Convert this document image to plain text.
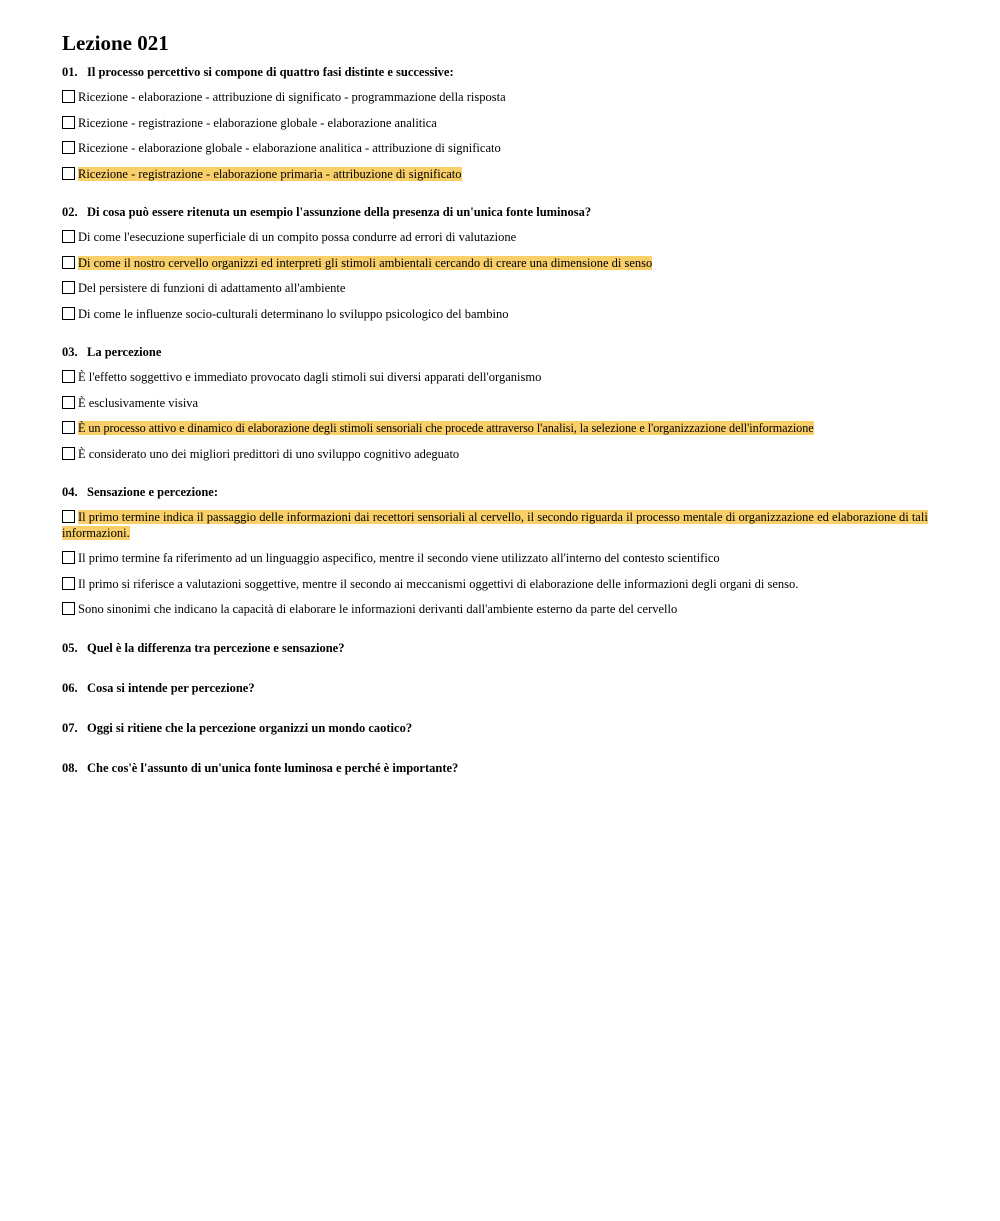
Lezione 021
01. Il processo percettivo si compone di quattro fasi distinte e successive:
Ricezione - elaborazione - attribuzione di significato - programmazione della risposta
Ricezione - registrazione - elaborazione globale - elaborazione analitica
Ricezione - elaborazione globale - elaborazione analitica - attribuzione di significato
Ricezione - registrazione - elaborazione primaria - attribuzione di significato
02. Di cosa può essere ritenuta un esempio l'assunzione della presenza di un'unica fonte luminosa?
Di come l'esecuzione superficiale di un compito possa condurre ad errori di valutazione
Di come il nostro cervello organizzi ed interpreti gli stimoli ambientali cercando di creare una dimensione di senso
Del persistere di funzioni di adattamento all'ambiente
Di come le influenze socio-culturali determinano lo sviluppo psicologico del bambino
03. La percezione
È l'effetto soggettivo e immediato provocato dagli stimoli sui diversi apparati dell'organismo
È esclusivamente visiva
È un processo attivo e dinamico di elaborazione degli stimoli sensoriali che procede attraverso l'analisi, la selezione e l'organizzazione dell'informazione
È considerato uno dei migliori predittori di uno sviluppo cognitivo adeguato
04. Sensazione e percezione:
Il primo termine indica il passaggio delle informazioni dai recettori sensoriali al cervello, il secondo riguarda il processo mentale di organizzazione ed elaborazione di tali informazioni.
Il primo termine fa riferimento ad un linguaggio aspecifico, mentre il secondo viene utilizzato all'interno del contesto scientifico
Il primo si riferisce a valutazioni soggettive, mentre il secondo ai meccanismi oggettivi di elaborazione delle informazioni degli organi di senso.
Sono sinonimi che indicano la capacità di elaborare le informazioni derivanti dall'ambiente esterno da parte del cervello
05. Quel è la differenza tra percezione e sensazione?
06. Cosa si intende per percezione?
07. Oggi si ritiene che la percezione organizzi un mondo caotico?
08. Che cos'è l'assunto di un'unica fonte luminosa e perché è importante?
